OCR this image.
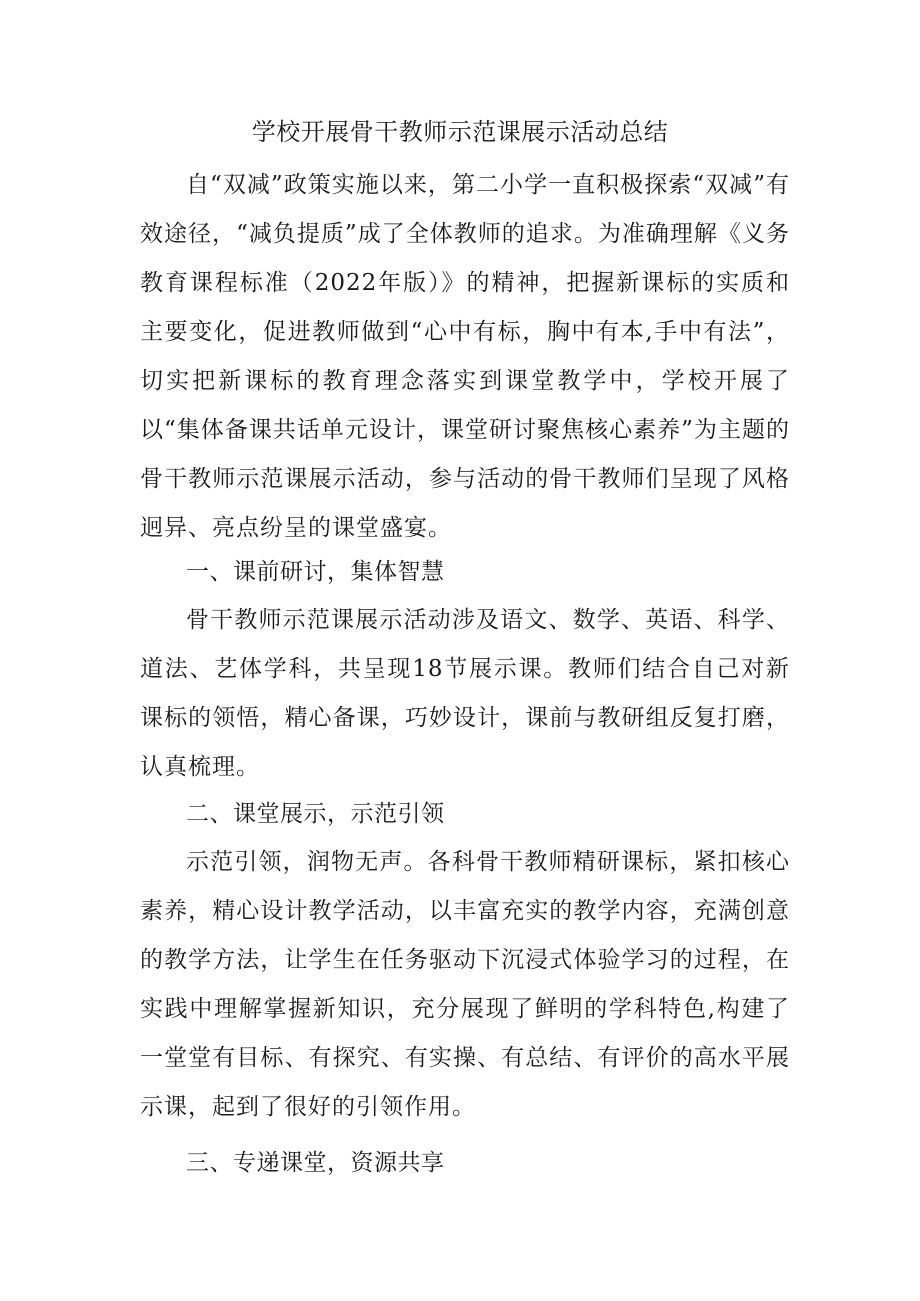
学校开展骨干教师示范课展示活动总结

自“双减”政策实施以来，第二小学一直积极探索“双减”有效途径，“减负提质”成了全体教师的追求。为准确理解《义务教育课程标准（2022年版）》的精神，把握新课标的实质和主要变化，促进教师做到“心中有标，胸中有本,手中有法”，切实把新课标的教育理念落实到课堂教学中，学校开展了以“集体备课共话单元设计，课堂研讨聚焦核心素养”为主题的骨干教师示范课展示活动，参与活动的骨干教师们呈现了风格迥异、亮点纷呈的课堂盛宴。

一、课前研讨，集体智慧

骨干教师示范课展示活动涉及语文、数学、英语、科学、道法、艺体学科，共呈现18节展示课。教师们结合自己对新课标的领悟，精心备课，巧妙设计，课前与教研组反复打磨，认真梳理。

二、课堂展示，示范引领

示范引领，润物无声。各科骨干教师精研课标，紧扣核心素养，精心设计教学活动，以丰富充实的教学内容，充满创意的教学方法，让学生在任务驱动下沉浸式体验学习的过程，在实践中理解掌握新知识，充分展现了鲜明的学科特色,构建了一堂堂有目标、有探究、有实操、有总结、有评价的高水平展示课，起到了很好的引领作用。

三、专递课堂，资源共享
